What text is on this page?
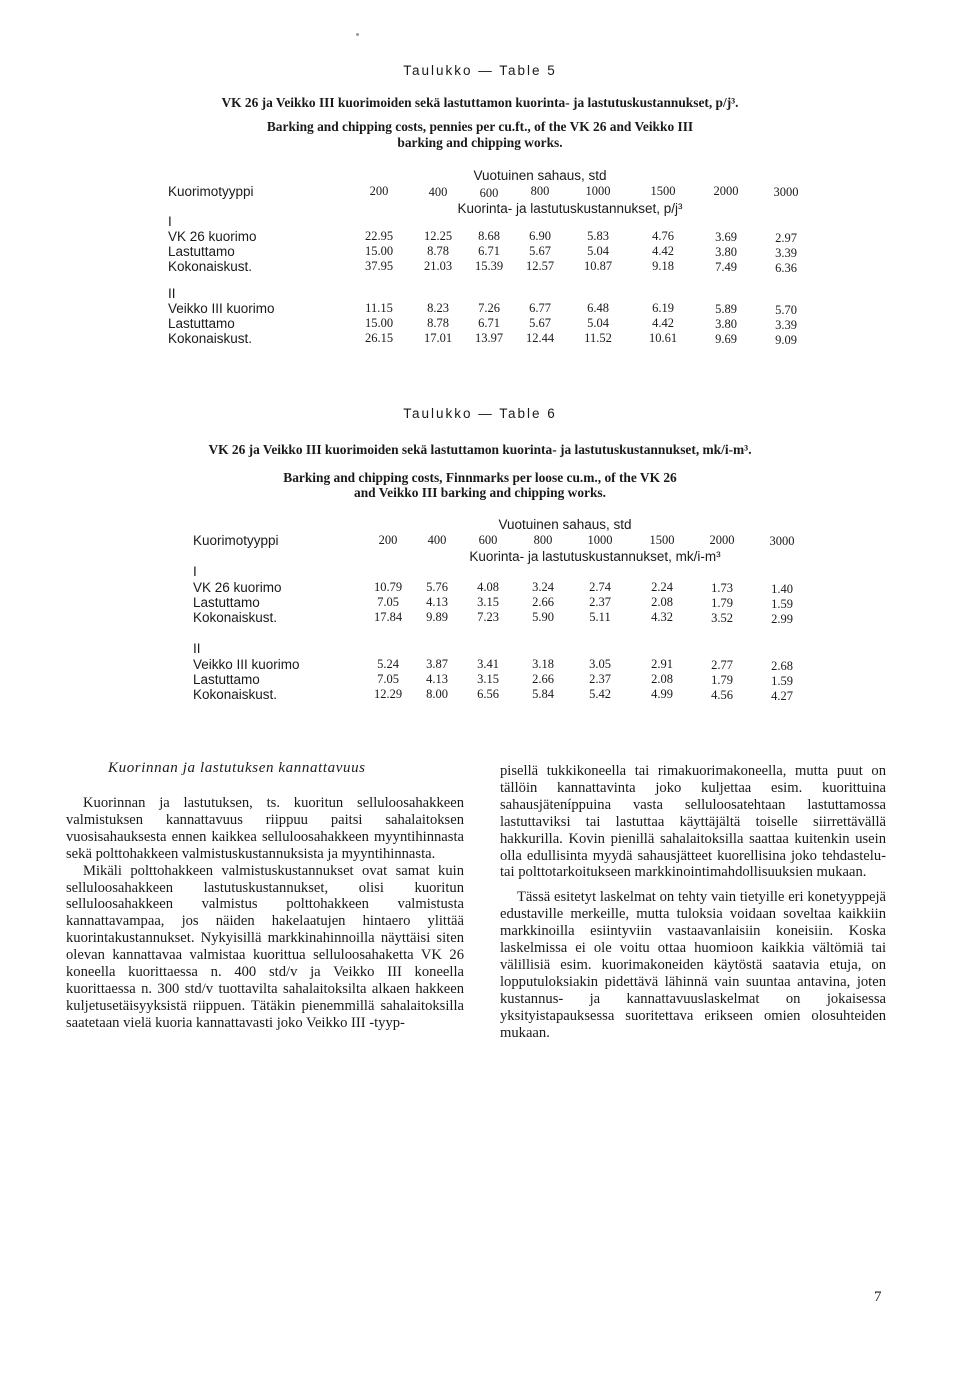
Taulukko — Table 5
VK 26 ja Veikko III kuorimoiden sekä lastuttamon kuorinta- ja lastutuskustannukset, p/j³.
Barking and chipping costs, pennies per cu.ft., of the VK 26 and Veikko III
barking and chipping works.
Vuotuinen sahaus, std
Kuorimotyyppi
Kuorinta- ja lastutuskustannukset, p/j³
200	400	600	800	1000	1500	2000	3000
I
VK 26 kuorimo	22.95	12.25	8.68	6.90	5.83	4.76	3.69	2.97
Lastuttamo	15.00	8.78	6.71	5.67	5.04	4.42	3.80	3.39
Kokonaiskust.	37.95	21.03	15.39	12.57	10.87	9.18	7.49	6.36
II
Veikko III kuorimo	11.15	8.23	7.26	6.77	6.48	6.19	5.89	5.70
Lastuttamo	15.00	8.78	6.71	5.67	5.04	4.42	3.80	3.39
Kokonaiskust.	26.15	17.01	13.97	12.44	11.52	10.61	9.69	9.09
Taulukko — Table 6
VK 26 ja Veikko III kuorimoiden sekä lastuttamon kuorinta- ja lastutuskustannukset, mk/i-m³.
Barking and chipping costs, Finnmarks per loose cu.m., of the VK 26
and Veikko III barking and chipping works.
Vuotuinen sahaus, std
Kuorimotyyppi
Kuorinta- ja lastutuskustannukset, mk/i-m³
200	400	600	800	1000	1500	2000	3000
I
VK 26 kuorimo	10.79	5.76	4.08	3.24	2.74	2.24	1.73	1.40
Lastuttamo	7.05	4.13	3.15	2.66	2.37	2.08	1.79	1.59
Kokonaiskust.	17.84	9.89	7.23	5.90	5.11	4.32	3.52	2.99
II
Veikko III kuorimo	5.24	3.87	3.41	3.18	3.05	2.91	2.77	2.68
Lastuttamo	7.05	4.13	3.15	2.66	2.37	2.08	1.79	1.59
Kokonaiskust.	12.29	8.00	6.56	5.84	5.42	4.99	4.56	4.27
Kuorinnan ja lastutuksen kannattavuus

Kuorinnan ja lastutuksen, ts. kuoritun selluloosahakkeen valmistuksen kannattavuus riippuu paitsi sahalaitoksen vuosisahauksesta ennen kaikkea selluloosahakkeen myyntihinnasta sekä polttohakkeen valmistuskustannuksista ja myyntihinnasta.

Mikäli polttohakkeen valmistuskustannukset ovat samat kuin selluloosahakkeen lastutuskustannukset, olisi kuoritun selluloosahakkeen valmistus polttohakkeen valmistusta kannattavampaa, jos näiden hakelaatujen hintaero ylittää kuorintakustannukset. Nykyisillä markkinahinnoilla näyttäisi siten olevan kannattavaa valmistaa kuorittua selluloosahaketta VK 26 koneella kuorittaessa n. 400 std/v ja Veikko III koneella kuorittaessa n. 300 std/v tuottavilta sahalaitoksilta alkaen hakkeen kuljetusetäisyyksistä riippuen. Tätäkin pienemmillä sahalaitoksilla saatetaan vielä kuoria kannattavasti joko Veikko III -tyyp-

pisellä tukkikoneella tai rimakuorimakoneella, mutta puut on tällöin kannattavinta joko kuljettaa esim. kuorittuina sahausjäteníppuina vasta selluloosatehtaan lastuttamossa lastuttaviksi tai lastuttaa käyttäjältä toiselle siirrettävällä hakkurilla. Kovin pienillä sahalaitoksilla saattaa kuitenkin usein olla edullisinta myydä sahausjätteet kuorellisina joko tehdastelu- tai polttotarkoitukseen markkinointimahdollisuuksien mukaan.

Tässä esitetyt laskelmat on tehty vain tietyille eri konetyyppejä edustaville merkeille, mutta tuloksia voidaan soveltaa kaikkiin markkinoilla esiintyviin vastaavanlaisiin koneisiin. Koska laskelmissa ei ole voitu ottaa huomioon kaikkia vältömiä tai välillisiä esim. kuorimakoneiden käytöstä saatavia etuja, on lopputuloksiakin pidettävä lähinnä vain suuntaa antavina, joten kustannus- ja kannattavuuslaskelmat on jokaisessa yksityistapauksessa suoritettava erikseen omien olosuhteiden mukaan.

7
